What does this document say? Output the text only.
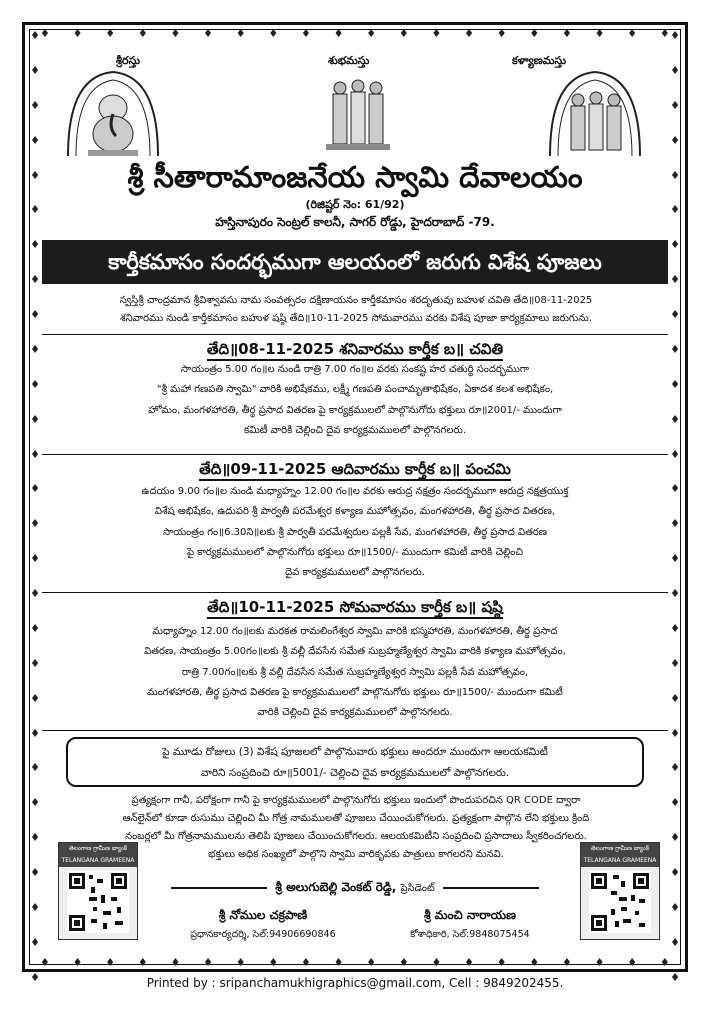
♦ ♦ ♦ ♦ ♦ ♦ ♦ ♦ ♦ ♦ ♦ ♦ ♦ ♦ ♦ ♦ ♦ ♦ ♦ ♦
♦ ♦ ♦ ♦ ♦ ♦ ♦ ♦ ♦ ♦ ♦ ♦ ♦ ♦ ♦ ♦ ♦ ♦ ♦ ♦
♦
♦
♦
♦
♦
♦
♦
♦
♦
♦
♦
♦
♦
♦
♦
♦
♦
♦
♦
♦
♦
♦
♦
♦
♦
♦
♦
♦
♦
♦
♦
♦
♦
♦
♦
♦
♦
♦
♦
♦
♦
♦
♦
♦
♦
♦
♦
♦
♦
♦
♦
♦
♦
♦
♦
♦
శ్రీరస్తు	శుభమస్తు	కళ్యాణమస్తు
శ్రీ సీతారామాంజనేయ స్వామి దేవాలయం
(రిజిష్టర్ నెం: 61/92)
హస్తినాపురం సెంట్రల్ కాలనీ, సాగర్ రోడ్డు, హైదరాబాద్ -79.
కార్తీకమాసం సందర్భముగా ఆలయంలో జరుగు విశేష పూజలు
స్వస్తిశ్రీ చాంద్రమాన శ్రీవిశ్వావసు నామ సంవత్సరం దక్షిణాయనం కార్తీకమాసం శరదృతువు బహుళ చవితి తేది॥08-11-2025
శనివారము నుండి కార్తీకమాసం బహుళ షష్ఠి తేది॥10-11-2025 సోమవారము వరకు విశేష పూజా కార్యక్రమాలు జరుగును.
తేది॥08-11-2025 శనివారము కార్తీక బ॥ చవితి
సాయంత్రం 5.00 గం॥ల నుండి రాత్రి 7.00 గం॥ల వరకు సంకష్ట హర చతుర్థి సందర్భముగా
"శ్రీ మహా గణపతి స్వామి" వారికి అభిషేకము, లక్ష్మీ గణపతి పంచామృతాభిషేకం, ఏకాదశ కలశ అభిషేకం,
హోమం, మంగళహారతి, తీర్థ ప్రసాద వితరణ పై కార్యక్రములలో పాల్గొనుగోరు భక్తులు రూ॥2001/- ముందుగా
కమిటీ వారికి చెల్లించి దైవ కార్యక్రమములలో పాల్గొనగలరు.
తేది॥09-11-2025 ఆదివారము కార్తీక బ॥ పంచమి
ఉదయం 9.00 గం॥ల నుండి మధ్యాహ్నం 12.00 గం॥ల వరకు ఆరుద్ర నక్షత్రం సందర్భముగా ఆరుద్ర నక్షత్రయుక్త
విశేష అభిషేకం, ఉదుపరి శ్రీ పార్వతీ పరమేశ్వర కళ్యాణ మహోత్సవం, మంగళహారతి, తీర్థ ప్రసాద వితరణ,
సాయంత్రం గం॥6.30ని॥లకు శ్రీ పార్వతీ పరమేశ్వరుల పల్లకీ సేవ, మంగళహారతి, తీర్థ ప్రసాద వితరణ
పై కార్యక్రమములలో పాల్గొనుగోరు భక్తులు రూ॥1500/- ముందుగా కమిటీ వారికి చెల్లించి
దైవ కార్యక్రమములలో పాల్గొనగలరు.
తేది॥10-11-2025 సోమవారము కార్తీక బ॥ షష్ఠి
మధ్యాహ్నం 12.00 గం॥లకు మరకత రామలింగేశ్వర స్వామి వారికి భస్మహారతి, మంగళహారతి, తీర్థ ప్రసాద
వితరణ, సాయంత్రం 5.00గం॥లకు శ్రీ వల్లీ దేవసేన సమేత సుబ్రహ్మణ్యేశ్వర స్వామి వారికి కళ్యాణ మహోత్సవం,
రాత్రి 7.00గం॥లకు శ్రీ వల్లీ దేవసేన సమేత సుబ్రహ్మణ్యేశ్వర స్వామి పల్లకీ సేవ మహోత్సవం,
మంగళహారతి, తీర్థ ప్రసాద వితరణ పై కార్యక్రమములలో పాల్గొనుగోరు భక్తులు రూ॥1500/- ముందుగా కమిటీ
వారికి చెల్లించి దైవ కార్యక్రమములలో పాల్గొనగలరు.
పై మూడు రోజులు (3) విశేష పూజలలో పాల్గొనువారు భక్తులు అందరూ ముందుగా ఆలయకమిటీ
వారిని సంప్రదించి రూ॥5001/- చెల్లించి దైవ కార్యక్రమములలో పాల్గొనగలరు.
ప్రత్యక్షంగా గానీ, పరోక్షంగా గానీ పై కార్యక్రమములలో పాల్గొనుగోరు భక్తులు ఇందులో పొందుపరచిన QR CODE ద్వారా
ఆన్‌లైన్‌లో కూడా రుసుము చెల్లించి మీ గోత్ర నామములతో పూజలు చేయించుకోగలరు. ప్రత్యక్షంగా పాల్గొన లేని భక్తులు క్రింది
నంబర్లలో మీ గోత్రనామములను తెలిపి పూజలు చేయించుకోగలరు. ఆలయకమిటీని సంప్రదించి ప్రసాదాలు స్వీకరించగలరు.
భక్తులు అధిక సంఖ్యలో పాల్గొని స్వామి వారికృపకు పాత్రులు కాగలరని మనవి.
తెలంగాణ గ్రామీణ బ్యాంక్ TELANGANA GRAMEENA
తెలంగాణ గ్రామీణ బ్యాంక్ TELANGANA GRAMEENA
శ్రీ అలుగుబెల్లి వెంకట్ రెడ్డి, ప్రెసిడెంట్
శ్రీ నోముల చక్రపాణి
ప్రధానకార్యదర్శి, సెల్:94906690846
శ్రీ మంచి నారాయణ
కోశాధికారి, సెల్:9848075454
Printed by : sripanchamukhigraphics@gmail.com, Cell : 9849202455.
